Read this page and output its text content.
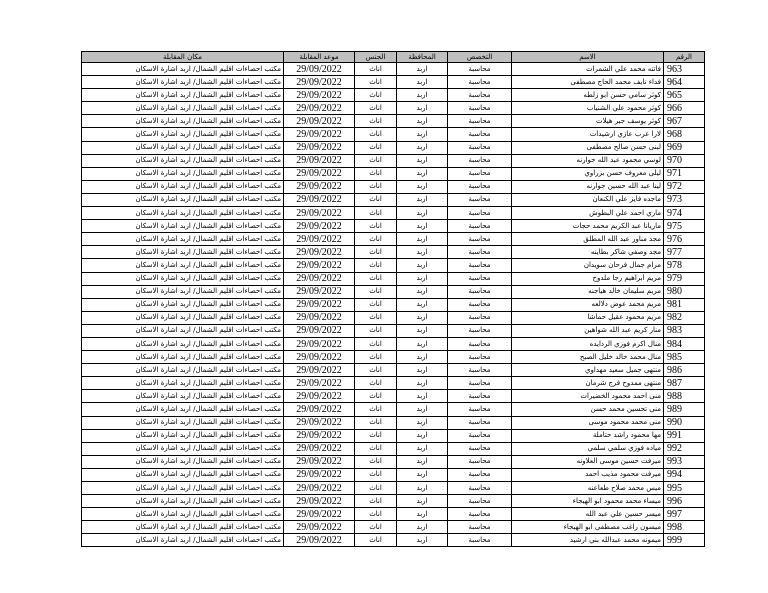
الرقم	الاسم	التخصص	المحافظة	الجنس	موعد المقابلة	مكان المقابلة
963	فاتنه محمد علي الشمرات	محاسبة	اربد	اناث	29/09/2022	مكتب احصاءات اقليم الشمال/ اربد اشارة الاسكان
964	فداء نايف محمد الحاج مصطفى	محاسبة	اربد	اناث	29/09/2022	مكتب احصاءات اقليم الشمال/ اربد اشارة الاسكان
965	كوثر سامي حسن ابو زلطه	محاسبة	اربد	اناث	29/09/2022	مكتب احصاءات اقليم الشمال/ اربد اشارة الاسكان
966	كوثر محمود علي الشنياب	محاسبة	اربد	اناث	29/09/2022	مكتب احصاءات اقليم الشمال/ اربد اشارة الاسكان
967	كوثر يوسف جبر هيلات	محاسبة	اربد	اناث	29/09/2022	مكتب احصاءات اقليم الشمال/ اربد اشارة الاسكان
968	لارا عرب عازي ارشيدات	محاسبة	اربد	اناث	29/09/2022	مكتب احصاءات اقليم الشمال/ اربد اشارة الاسكان
969	لبنى حسن صالح مصطفى	محاسبة	اربد	اناث	29/09/2022	مكتب احصاءات اقليم الشمال/ اربد اشارة الاسكان
970	لوسي محمود عبد الله جوارنه	محاسبة	اربد	اناث	29/09/2022	مكتب احصاءات اقليم الشمال/ اربد اشارة الاسكان
971	ليلى معروف حسن بزراوي	محاسبة	اربد	اناث	29/09/2022	مكتب احصاءات اقليم الشمال/ اربد اشارة الاسكان
972	لينا عبد الله حسين جوارنه	محاسبة	اربد	اناث	29/09/2022	مكتب احصاءات اقليم الشمال/ اربد اشارة الاسكان
973	ماجده فايز علي الكنعان	محاسبة	اربد	اناث	29/09/2022	مكتب احصاءات اقليم الشمال/ اربد اشارة الاسكان
974	ماري احمد علي البطوش	محاسبة	اربد	اناث	29/09/2022	مكتب احصاءات اقليم الشمال/ اربد اشارة الاسكان
975	ماريانا عبد الكريم محمد حجات	محاسبة	اربد	اناث	29/09/2022	مكتب احصاءات اقليم الشمال/ اربد اشارة الاسكان
976	مجد مناور عبد الله المطلق	محاسبة	اربد	اناث	29/09/2022	مكتب احصاءات اقليم الشمال/ اربد اشارة الاسكان
977	مجد وصفي شاكر بطاينه	محاسبة	اربد	اناث	29/09/2022	مكتب احصاءات اقليم الشمال/ اربد اشارة الاسكان
978	مرام جمال فرحان سويدان	محاسبة	اربد	اناث	29/09/2022	مكتب احصاءات اقليم الشمال/ اربد اشارة الاسكان
979	مريم ابراهيم رجا ملدوح	محاسبة	اربد	اناث	29/09/2022	مكتب احصاءات اقليم الشمال/ اربد اشارة الاسكان
980	مريم سليمان خالد هياجنه	محاسبة	اربد	اناث	29/09/2022	مكتب احصاءات اقليم الشمال/ اربد اشارة الاسكان
981	مريم محمد عوض دلالعه	محاسبة	اربد	اناث	29/09/2022	مكتب احصاءات اقليم الشمال/ اربد اشارة الاسكان
982	مريم محمود عقيل حماشا	محاسبة	اربد	اناث	29/09/2022	مكتب احصاءات اقليم الشمال/ اربد اشارة الاسكان
983	منار كريم عبد الله شواهين	محاسبة	اربد	اناث	29/09/2022	مكتب احصاءات اقليم الشمال/ اربد اشارة الاسكان
984	منال اكرم فوزي الردايده	محاسبة	اربد	اناث	29/09/2022	مكتب احصاءات اقليم الشمال/ اربد اشارة الاسكان
985	منال محمد خالد خليل الصبح	محاسبة	اربد	اناث	29/09/2022	مكتب احصاءات اقليم الشمال/ اربد اشارة الاسكان
986	منتهى جميل سعيد مهداوي	محاسبة	اربد	اناث	29/09/2022	مكتب احصاءات اقليم الشمال/ اربد اشارة الاسكان
987	منتهى ممدوح فرج شرمان	محاسبة	اربد	اناث	29/09/2022	مكتب احصاءات اقليم الشمال/ اربد اشارة الاسكان
988	منى احمد محمود الخضيرات	محاسبة	اربد	اناث	29/09/2022	مكتب احصاءات اقليم الشمال/ اربد اشارة الاسكان
989	منى تحسين محمد حسن	محاسبة	اربد	اناث	29/09/2022	مكتب احصاءات اقليم الشمال/ اربد اشارة الاسكان
990	منى محمد محمود موسى	محاسبة	اربد	اناث	29/09/2022	مكتب احصاءات اقليم الشمال/ اربد اشارة الاسكان
991	مها محمود راشد حتاملة	محاسبة	اربد	اناث	29/09/2022	مكتب احصاءات اقليم الشمال/ اربد اشارة الاسكان
992	مياده فوزي سلمي سلمي	محاسبة	اربد	اناث	29/09/2022	مكتب احصاءات اقليم الشمال/ اربد اشارة الاسكان
993	ميرفت حسين موسى العلاونه	محاسبة	اربد	اناث	29/09/2022	مكتب احصاءات اقليم الشمال/ اربد اشارة الاسكان
994	ميرفت محمود مذيب احمد	محاسبة	اربد	اناث	29/09/2022	مكتب احصاءات اقليم الشمال/ اربد اشارة الاسكان
995	ميس محمد صلاح طعاعنه	محاسبة	اربد	اناث	29/09/2022	مكتب احصاءات اقليم الشمال/ اربد اشارة الاسكان
996	ميساء محمد محمود ابو الهيجاء	محاسبة	اربد	اناث	29/09/2022	مكتب احصاءات اقليم الشمال/ اربد اشارة الاسكان
997	ميسر حسين علي عبد الله	محاسبة	اربد	اناث	29/09/2022	مكتب احصاءات اقليم الشمال/ اربد اشارة الاسكان
998	ميسون راغب مصطفى ابو الهيجاء	محاسبة	اربد	اناث	29/09/2022	مكتب احصاءات اقليم الشمال/ اربد اشارة الاسكان
999	ميمونه محمد عبدالله بني ارشيد	محاسبة	اربد	اناث	29/09/2022	مكتب احصاءات اقليم الشمال/ اربد اشارة الاسكان
